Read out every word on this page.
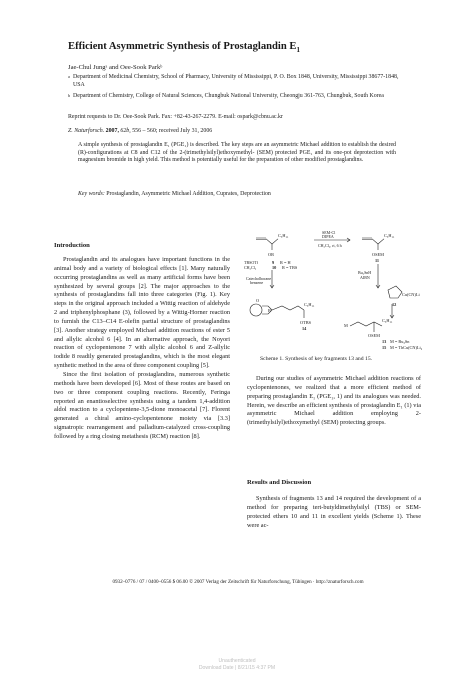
Efficient Asymmetric Synthesis of Prostaglandin $E_1$
Jae-Chul Jungᵃ and Oee-Sook Parkᵇ
a Department of Medicinal Chemistry, School of Pharmacy, University of Mississippi, P. O. Box 1848, University, Mississippi 38677-1848, USA
b Department of Chemistry, College of Natural Sciences, Chungbuk National University, Cheongju 361-763, Chungbuk, South Korea
Reprint requests to Dr. Oee-Sook Park. Fax: +82-43-267-2279. E-mail: ospark@cbnu.ac.kr
Z. Naturforsch. 2007, 62b, 556 – 560; received July 31, 2006
A simple synthesis of prostaglandin E₁ (PGE₁) is described. The key steps are an asymmetric Michael addition to establish the desired (R)-configurations at C8 and C12 of the 2-(trimethylsilyl)ethoxymethyl- (SEM) protected PGE₁ and its one-pot deprotection with magnesium bromide in high yield. This method is potentially useful for the preparation of other modified prostaglandins.
Key words: Prostaglandin, Asymmetric Michael Addition, Cuprates, Deprotection
Introduction

Prostaglandin and its analogues have important functions in the animal body and a variety of biological effects [1]. Many naturally occurring prostaglandins as well as many artificial forms have been synthesized by several groups [2]. The major approaches to the synthesis of prostaglandins fall into three categories (Fig. 1). Key steps in the original approach included a Wittig reaction of aldehyde 2 and triphenylphosphane (3), followed by a Wittig-Horner reaction to furnish the C13–C14 E-olefin partial structure of prostaglandins [3]. Another strategy employed Michael addition reactions of ester 5 and allylic alcohol 6 [4]. In an alternative approach, the Noyori reaction of cyclopentenone 7 with allylic alcohol 6 and Z-allylic iodide 8 readily generated prostaglandins, which is the most elegant synthetic method in the area of three component coupling [5].

Since the first isolation of prostaglandins, numerous synthetic methods have been developed [6]. Most of these routes are based on two or three component coupling reactions. Recently, Feringa reported an enantioselective synthesis using a tandem 1,4-addition aldol reaction to a cyclopentene-3,5-dione monoacetal [7]. Florent generated a chiral amino-cyclopentenone moiety via [3.3] sigmatropic rearrangement and palladium-catalyzed cross-coupling followed by a ring closing metathesis (RCM) reaction [8].

C₅H₁₁
OR
SEM-Cl
DIPEA
CH₂Cl₂, rt, 6 h
C₅H₁₁
OSEM
11
TBSOTf
CH₂Cl₂
9 R = H
10 R = TBS
Catecholborane
benzene
Bu₃SnH
AIBN
Cu(CN)Li
12
O
B
C₅H₁₁
OTBS
14
M
C₅H₁₁
OSEM
13 M = Bu₃Sn
15 M = ThCu(CN)Li₂
Scheme 1. Synthesis of key fragments 13 and 15.

During our studies of asymmetric Michael addition reactions of cyclopentenones, we realized that a more efficient method of preparing prostaglandin E₁ (PGE₁, 1) and its analogues was needed. Herein, we describe an efficient synthesis of prostaglandin E₁ (1) via asymmetric Michael addition employing 2-(trimethylsilyl)ethoxymethyl (SEM) protecting groups.

Results and Discussion

Synthesis of fragments 13 and 14 required the development of a method for preparing tert-butyldimethylsilyl (TBS) or SEM-protected ethers 10 and 11 in excellent yields (Scheme 1). These were ac-

0932–0776 / 07 / 0400–0556 $ 06.00 © 2007 Verlag der Zeitschrift für Naturforschung, Tübingen · http://znaturforsch.com
Unauthenticated
Download Date | 8/21/15 4:37 PM
